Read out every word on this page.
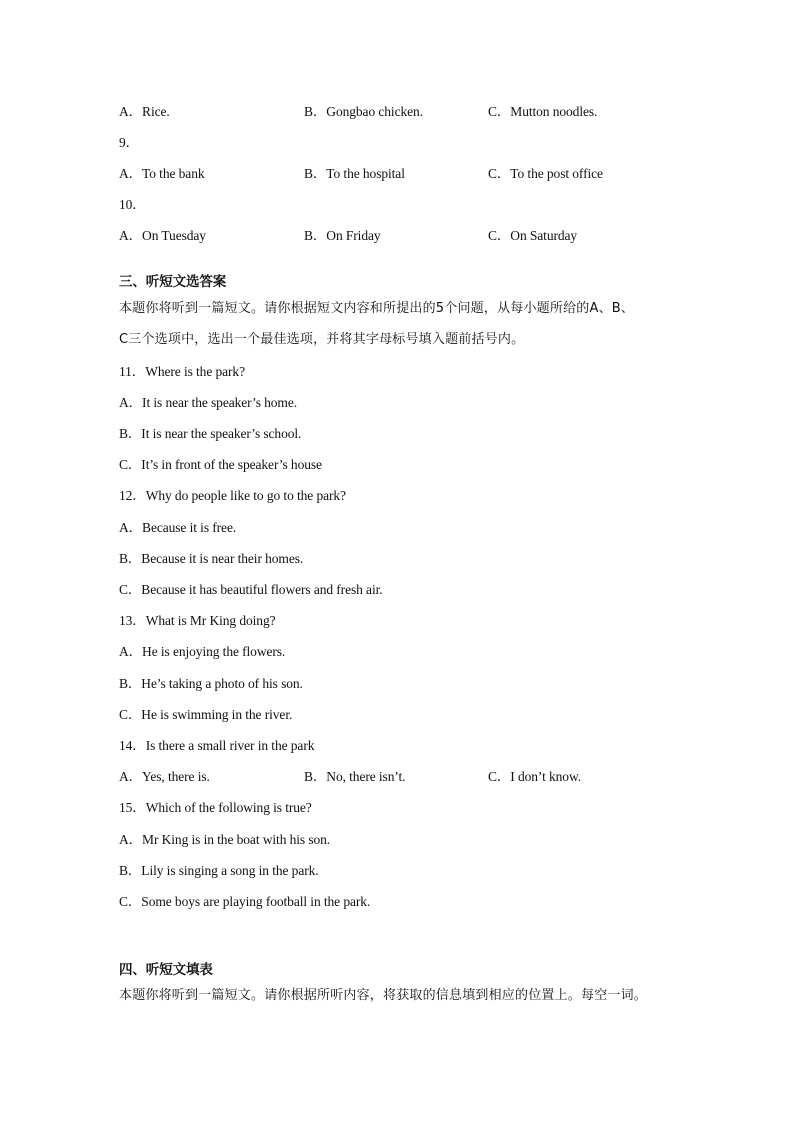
A．Rice.	B．Gongbao chicken.	C．Mutton noodles.
9．
A．To the bank	B．To the hospital	C．To the post office
10．
A．On Tuesday	B．On Friday	C．On Saturday
三、听短文选答案
本题你将听到一篇短文。请你根据短文内容和所提出的5个问题，从每小题所给的A、B、
C三个选项中，选出一个最佳选项，并将其字母标号填入题前括号内。
11．Where is the park?
A．It is near the speaker’s home.
B．It is near the speaker’s school.
C．It’s in front of the speaker’s house
12．Why do people like to go to the park?
A．Because it is free.
B．Because it is near their homes.
C．Because it has beautiful flowers and fresh air.
13．What is Mr King doing?
A．He is enjoying the flowers.
B．He’s taking a photo of his son.
C．He is swimming in the river.
14．Is there a small river in the park
A．Yes, there is.	B．No, there isn’t.	C．I don’t know.
15．Which of the following is true?
A．Mr King is in the boat with his son.
B．Lily is singing a song in the park.
C．Some boys are playing football in the park.
四、听短文填表
本题你将听到一篇短文。请你根据所听内容，将获取的信息填到相应的位置上。每空一词。
